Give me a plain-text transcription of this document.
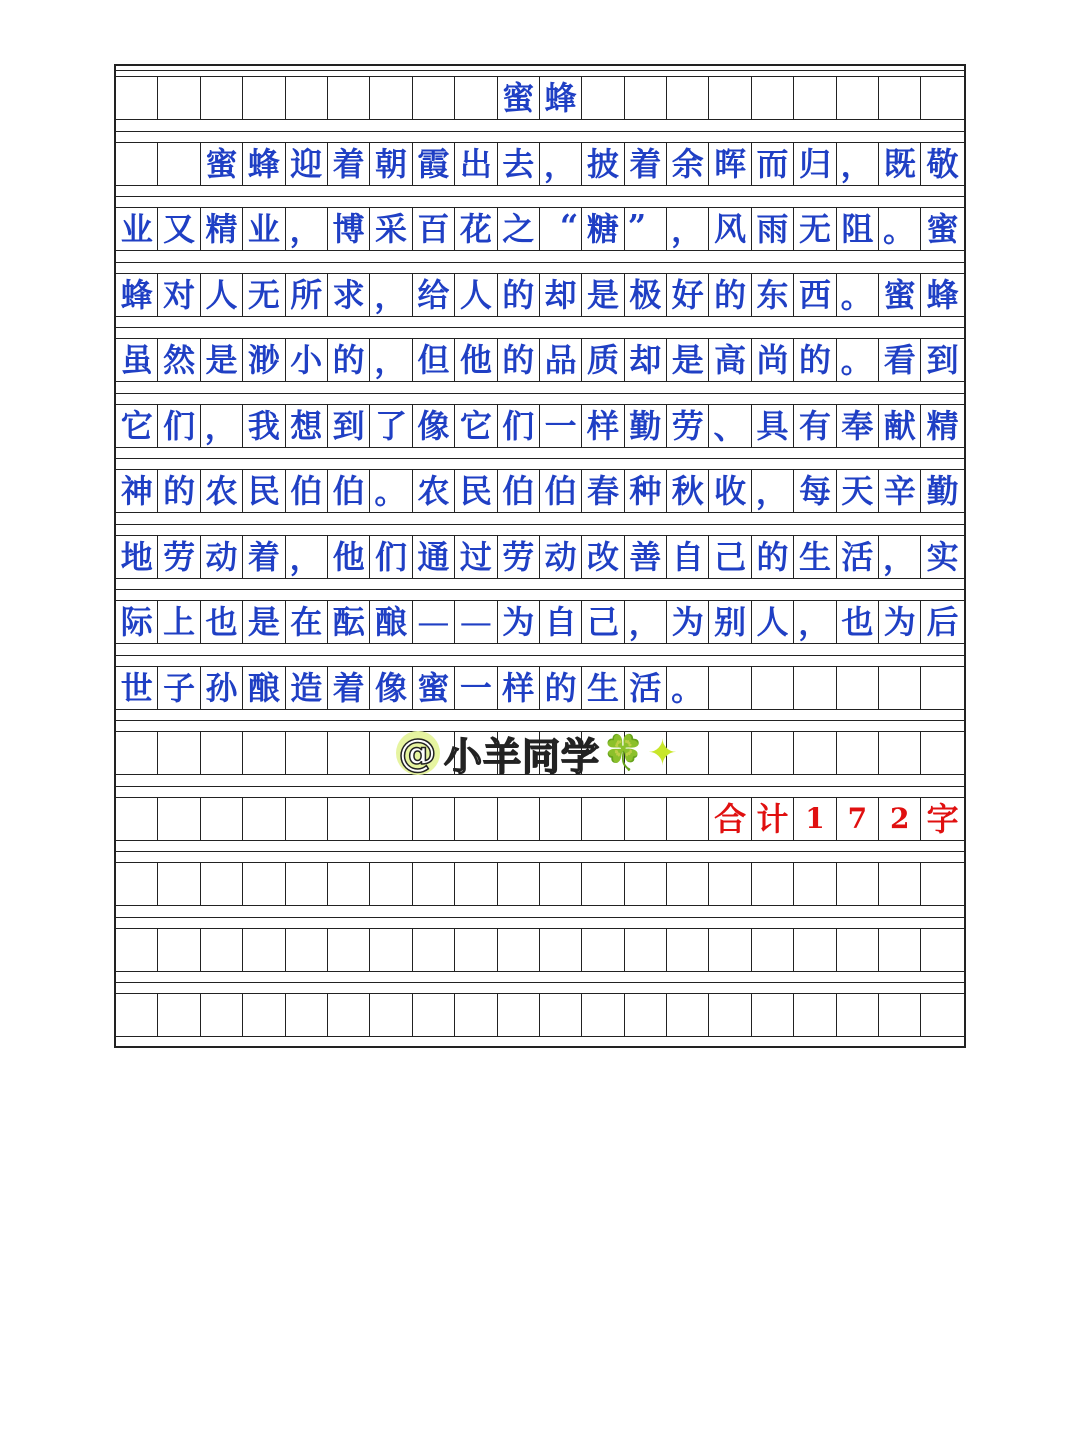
蜜 蜂
蜜 蜂 迎 着 朝 霞 出 去 ， 披 着 余 晖 而 归 ， 既 敬
业 又 精 业 ， 博 采 百 花 之 “ 糖 ” ， 风 雨 无 阻 。 蜜
蜂 对 人 无 所 求 ， 给 人 的 却 是 极 好 的 东 西 。 蜜 蜂
虽 然 是 渺 小 的 ， 但 他 的 品 质 却 是 高 尚 的 。 看 到
它 们 ， 我 想 到 了 像 它 们 一 样 勤 劳 、 具 有 奉 献 精
神 的 农 民 伯 伯 。 农 民 伯 伯 春 种 秋 收 ， 每 天 辛 勤
地 劳 动 着 ， 他 们 通 过 劳 动 改 善 自 己 的 生 活 ， 实
际 上 也 是 在 酝 酿 — — 为 自 己 ， 为 别 人 ， 也 为 后
世 子 孙 酿 造 着 像 蜜 一 样 的 生 活 。
合 计 1 7 2 字
@ 小羊同学 🍀 ✦
